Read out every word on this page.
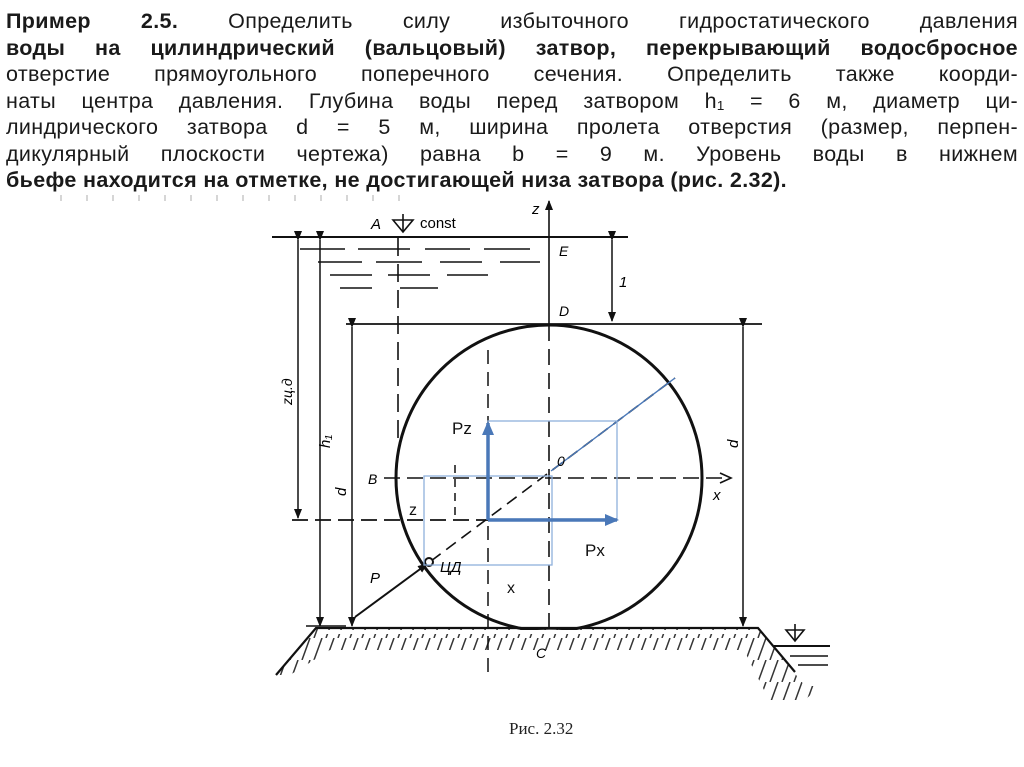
Пример 2.5. Определить силу избыточного гидростатического давления
воды на цилиндрический (вальцовый) затвор, перекрывающий водосбросное
отверстие прямоугольного поперечного сечения. Определить также коорди-
наты центра давления. Глубина воды перед затвором h₁ = 6 м, диаметр ци-
линдрического затвора d = 5 м, ширина пролета отверстия (размер, перпен-
дикулярный плоскости чертежа) равна b = 9 м. Уровень воды в нижнем
бьефе находится на отметке, не достигающей низа затвора (рис. 2.32).
A	const
z
x
E
D
B
0
C
P
ЦД
1
h₁
d
d
zц.д
Pz
Px
z
x
Рис. 2.32
